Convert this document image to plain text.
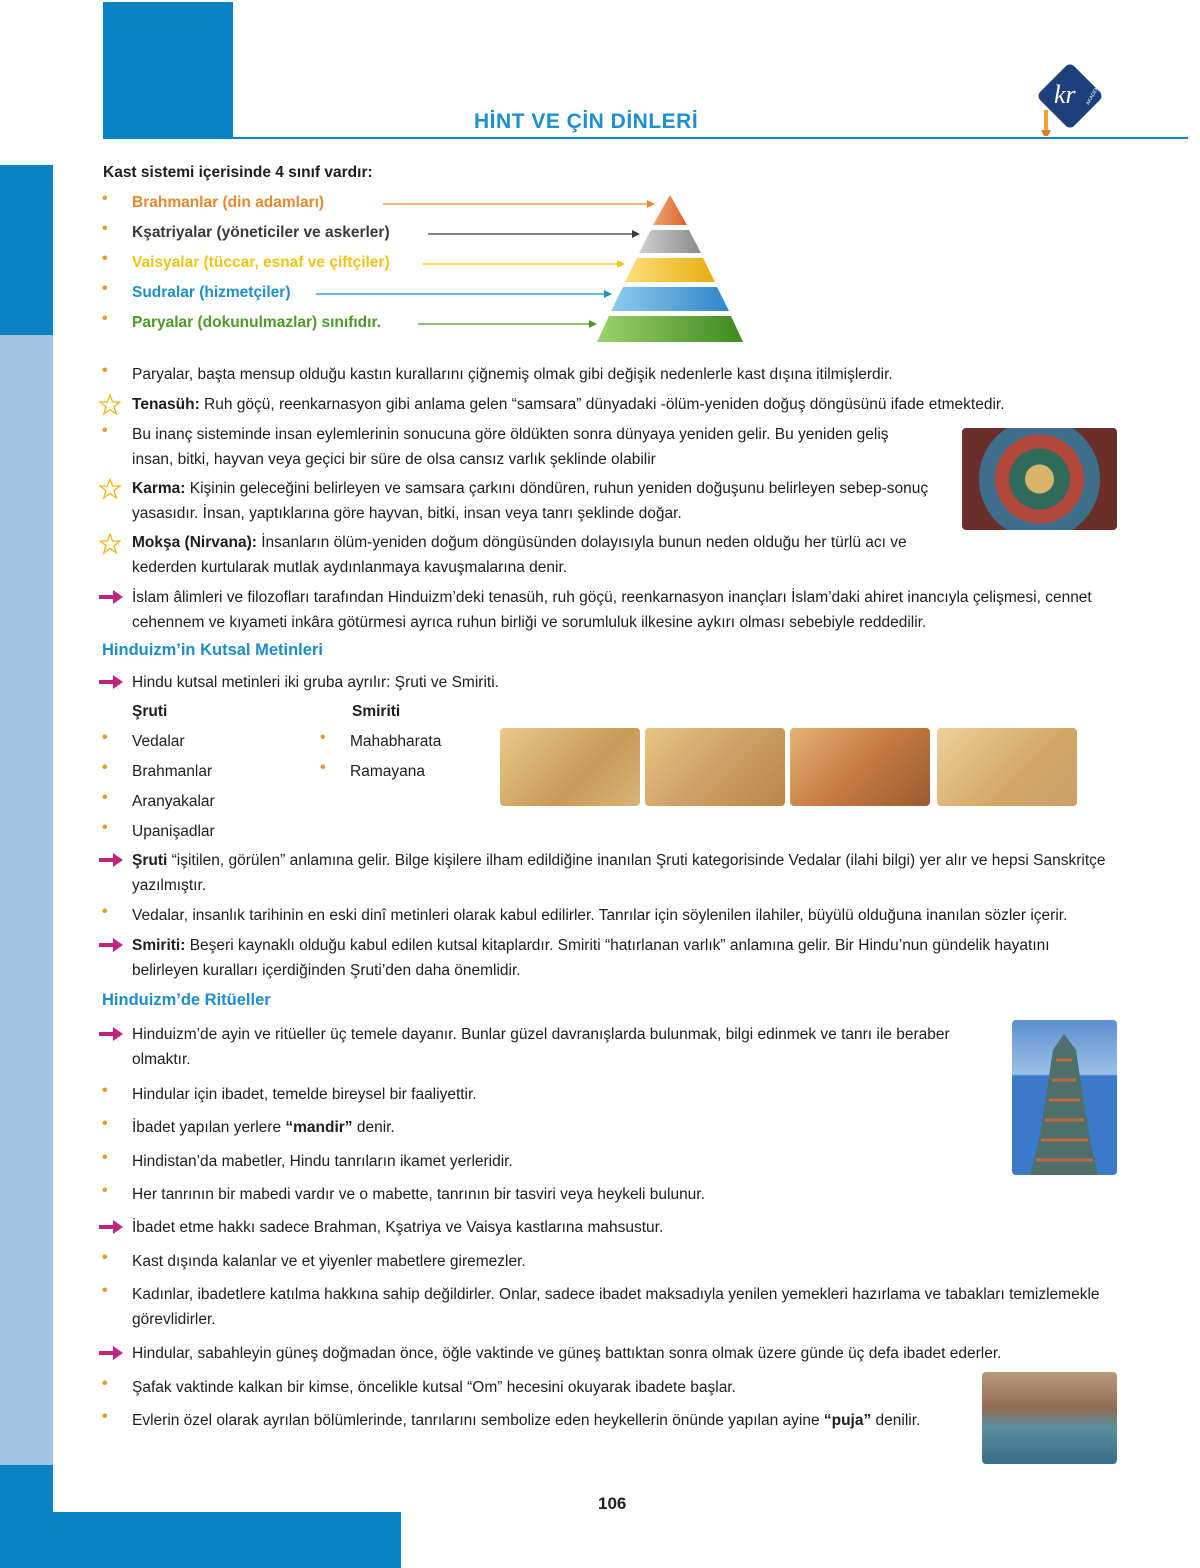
HİNT VE ÇİN DİNLERİ
kr AKADEMİ
Kast sistemi içerisinde 4 sınıf vardır:
• Brahmanlar (din adamları)
• Kşatriyalar (yöneticiler ve askerler)
• Vaisyalar (tüccar, esnaf ve çiftçiler)
• Sudralar (hizmetçiler)
• Paryalar (dokunulmazlar) sınıfıdır.
• Paryalar, başta mensup olduğu kastın kurallarını çiğnemiş olmak gibi değişik nedenlerle kast dışına itilmişlerdir.
Tenasüh: Ruh göçü, reenkarnasyon gibi anlama gelen “samsara” dünyadaki -ölüm-yeniden doğuş döngüsünü ifade etmektedir.
• Bu inanç sisteminde insan eylemlerinin sonucuna göre öldükten sonra dünyaya yeniden gelir. Bu yeniden geliş insan, bitki, hayvan veya geçici bir süre de olsa cansız varlık şeklinde olabilir
Karma: Kişinin geleceğini belirleyen ve samsara çarkını döndüren, ruhun yeniden doğuşunu belirleyen sebep-sonuç yasasıdır. İnsan, yaptıklarına göre hayvan, bitki, insan veya tanrı şeklinde doğar.
Mokşa (Nirvana): İnsanların ölüm-yeniden doğum döngüsünden dolayısıyla bunun neden olduğu her türlü acı ve kederden kurtularak mutlak aydınlanmaya kavuşmalarına denir.
İslam âlimleri ve filozofları tarafından Hinduizm’deki tenasüh, ruh göçü, reenkarnasyon inançları İslam’daki ahiret inancıyla çelişmesi, cennet cehennem ve kıyameti inkâra götürmesi ayrıca ruhun birliği ve sorumluluk ilkesine aykırı olması sebebiyle reddedilir.
Hinduizm’in Kutsal Metinleri
Hindu kutsal metinleri iki gruba ayrılır: Şruti ve Smiriti.
Şruti	Smiriti
• Vedalar
• Brahmanlar
• Aranyakalar
• Upanişadlar
• Mahabharata
• Ramayana
Şruti “işitilen, görülen” anlamına gelir. Bilge kişilere ilham edildiğine inanılan Şruti kategorisinde Vedalar (ilahi bilgi) yer alır ve hepsi Sanskritçe yazılmıştır.
• Vedalar, insanlık tarihinin en eski dinî metinleri olarak kabul edilirler. Tanrılar için söylenilen ilahiler, büyülü olduğuna inanılan sözler içerir.
Smiriti: Beşeri kaynaklı olduğu kabul edilen kutsal kitaplardır. Smiriti “hatırlanan varlık” anlamına gelir. Bir Hindu’nun gündelik hayatını belirleyen kuralları içerdiğinden Şruti’den daha önemlidir.
Hinduizm’de Ritüeller
Hinduizm’de ayin ve ritüeller üç temele dayanır. Bunlar güzel davranışlarda bulunmak, bilgi edinmek ve tanrı ile beraber olmaktır.
• Hindular için ibadet, temelde bireysel bir faaliyettir.
• İbadet yapılan yerlere “mandir” denir.
• Hindistan’da mabetler, Hindu tanrıların ikamet yerleridir.
• Her tanrının bir mabedi vardır ve o mabette, tanrının bir tasviri veya heykeli bulunur.
İbadet etme hakkı sadece Brahman, Kşatriya ve Vaisya kastlarına mahsustur.
• Kast dışında kalanlar ve et yiyenler mabetlere giremezler.
• Kadınlar, ibadetlere katılma hakkına sahip değildirler. Onlar, sadece ibadet maksadıyla yenilen yemekleri hazırlama ve tabakları temizlemekle görevlidirler.
Hindular, sabahleyin güneş doğmadan önce, öğle vaktinde ve güneş battıktan sonra olmak üzere günde üç defa ibadet ederler.
• Şafak vaktinde kalkan bir kimse, öncelikle kutsal “Om” hecesini okuyarak ibadete başlar.
• Evlerin özel olarak ayrılan bölümlerinde, tanrılarını sembolize eden heykellerin önünde yapılan ayine “puja” denilir.
106
